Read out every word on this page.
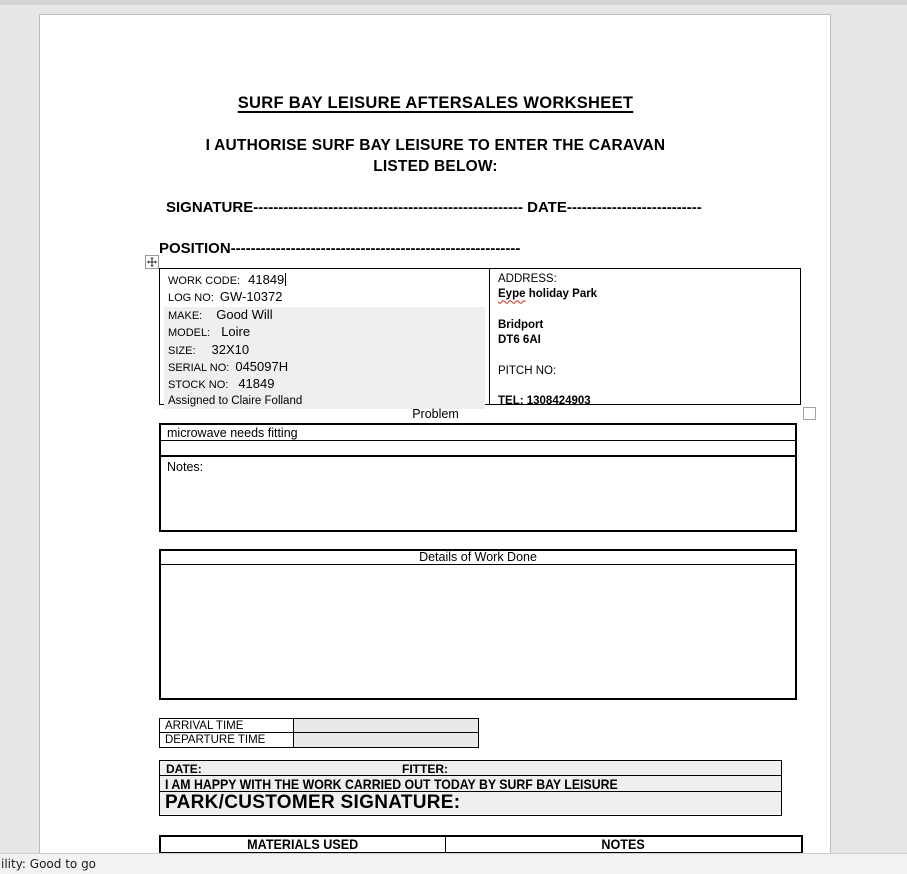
SURF BAY LEISURE AFTERSALES WORKSHEET
I AUTHORISE SURF BAY LEISURE TO ENTER THE CARAVAN
LISTED BELOW:
SIGNATURE------------------------------------------------------ DATE---------------------------
POSITION----------------------------------------------------------
WORK CODE: 41849
LOG NO: GW-10372
MAKE: Good Will
MODEL: Loire
SIZE: 32X10
SERIAL NO: 045097H
STOCK NO: 41849
Assigned to Claire Folland
ADDRESS:
Eype holiday Park
Bridport
DT6 6AI
PITCH NO:
TEL: 1308424903
Problem
microwave needs fitting
Notes:
Details of Work Done
ARRIVAL TIME
DEPARTURE TIME
DATE:	FITTER:
I AM HAPPY WITH THE WORK CARRIED OUT TODAY BY SURF BAY LEISURE
PARK/CUSTOMER SIGNATURE:
MATERIALS USED	NOTES
ility: Good to go
